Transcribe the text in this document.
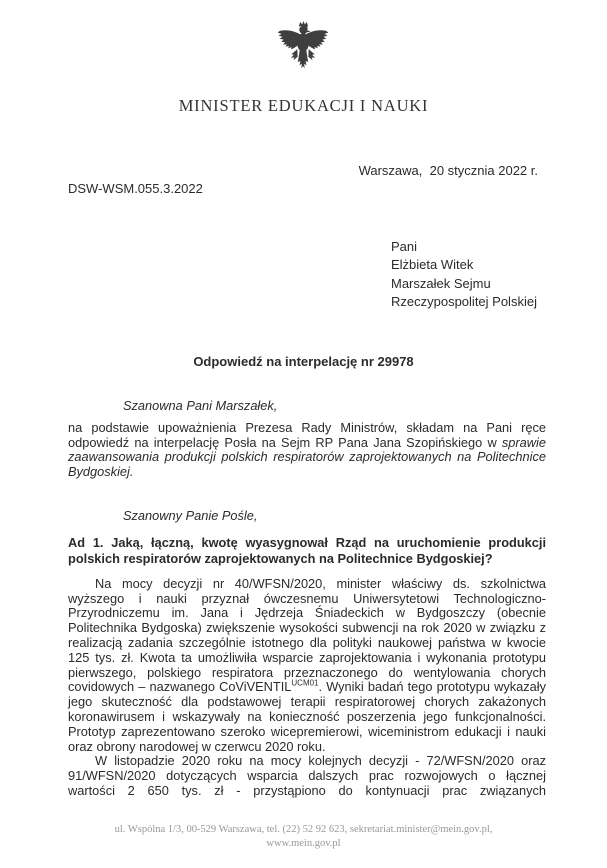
MINISTER EDUKACJI I NAUKI
Warszawa,  20 stycznia 2022 r.
DSW-WSM.055.3.2022
Pani
Elżbieta Witek
Marszałek Sejmu
Rzeczypospolitej Polskiej
Odpowiedź na interpelację nr 29978

Szanowna Pani Marszałek,

na podstawie upoważnienia Prezesa Rady Ministrów, składam na Pani ręce odpowiedź na interpelację Posła na Sejm RP Pana Jana Szopińskiego w sprawie zaawansowania produkcji polskich respiratorów zaprojektowanych na Politechnice Bydgoskiej.

Szanowny Panie Pośle,

Ad 1. Jaką, łączną, kwotę wyasygnował Rząd na uruchomienie produkcji polskich respiratorów zaprojektowanych na Politechnice Bydgoskiej?

Na mocy decyzji nr 40/WFSN/2020, minister właściwy ds. szkolnictwa wyższego i nauki przyznał ówczesnemu Uniwersytetowi Technologiczno-Przyrodniczemu im. Jana i Jędrzeja Śniadeckich w Bydgoszczy (obecnie Politechnika Bydgoska) zwiększenie wysokości subwencji na rok 2020 w związku z realizacją zadania szczególnie istotnego dla polityki naukowej państwa w kwocie 125 tys. zł. Kwota ta umożliwiła wsparcie zaprojektowania i wykonania prototypu pierwszego, polskiego respiratora przeznaczonego do wentylowania chorych covidowych – nazwanego CoViVENTIL$^{UCM01}$. Wyniki badań tego prototypu wykazały jego skuteczność dla podstawowej terapii respiratorowej chorych zakażonych koronawirusem i wskazywały na konieczność poszerzenia jego funkcjonalności. Prototyp zaprezentowano szeroko wicepremierowi, wiceministrom edukacji i nauki oraz obrony narodowej w czerwcu 2020 roku.

W listopadzie 2020 roku na mocy kolejnych decyzji - 72/WFSN/2020 oraz 91/WFSN/2020 dotyczących wsparcia dalszych prac rozwojowych o łącznej wartości 2 650 tys. zł - przystąpiono do kontynuacji prac związanych

ul. Wspólna 1/3, 00-529 Warszawa, tel. (22) 52 92 623, sekretariat.minister@mein.gov.pl,
www.mein.gov.pl
